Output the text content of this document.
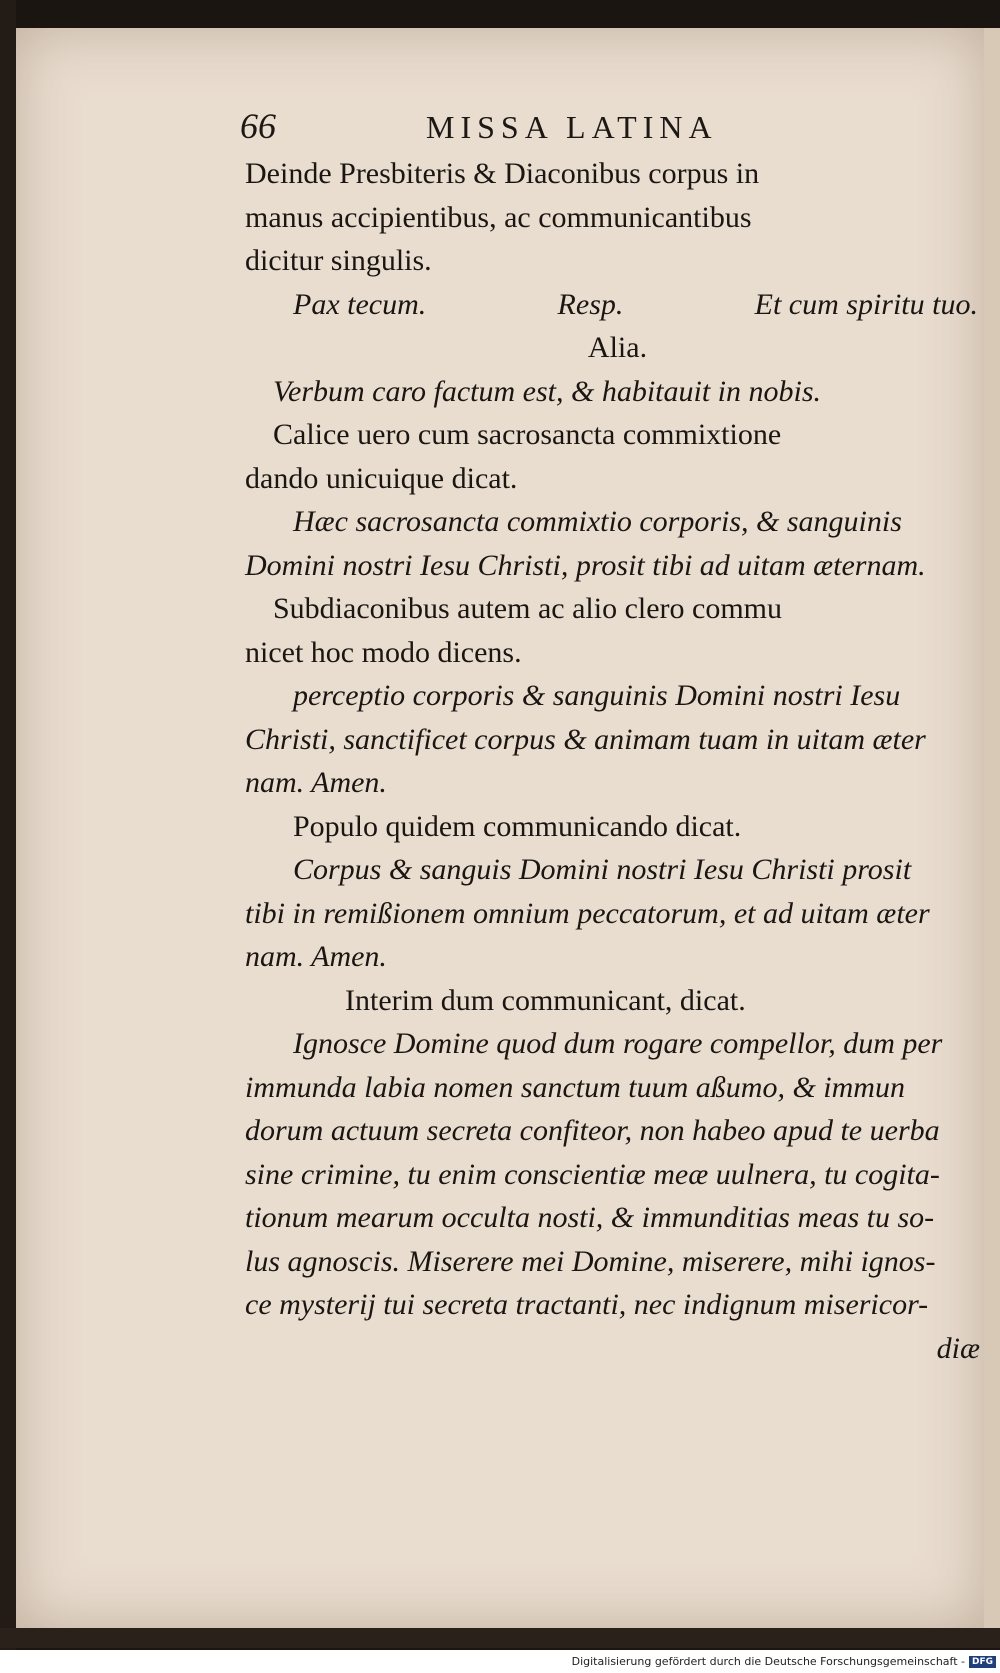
66	MISSA LATINA
Deinde Presbiteris & Diaconibus corpus in
manus accipientibus, ac communicantibus
dicitur singulis.
Pax tecum.	Resp.	Et cum spiritu tuo.
Alia.
Verbum caro factum est, & habitauit in nobis.
Calice uero cum sacrosancta commixtione
dando unicuique dicat.
Hæc sacrosancta commixtio corporis, & sanguinis
Domini nostri Iesu Christi, prosit tibi ad uitam æternam.
Subdiaconibus autem ac alio clero commu
nicet hoc modo dicens.
perceptio corporis & sanguinis Domini nostri Iesu
Christi, sanctificet corpus & animam tuam in uitam æter
nam. Amen.
Populo quidem communicando dicat.
Corpus & sanguis Domini nostri Iesu Christi prosit
tibi in remißionem omnium peccatorum, et ad uitam æter
nam. Amen.
Interim dum communicant, dicat.
Ignosce Domine quod dum rogare compellor, dum per
immunda labia nomen sanctum tuum aßumo, & immun
dorum actuum secreta confiteor, non habeo apud te uerba
sine crimine, tu enim conscientiæ meæ uulnera, tu cogita-
tionum mearum occulta nosti, & immunditias meas tu so-
lus agnoscis. Miserere mei Domine, miserere, mihi ignos-
ce mysterij tui secreta tractanti, nec indignum misericor-
diæ
Digitalisierung gefördert durch die Deutsche Forschungsgemeinschaft - DFG
